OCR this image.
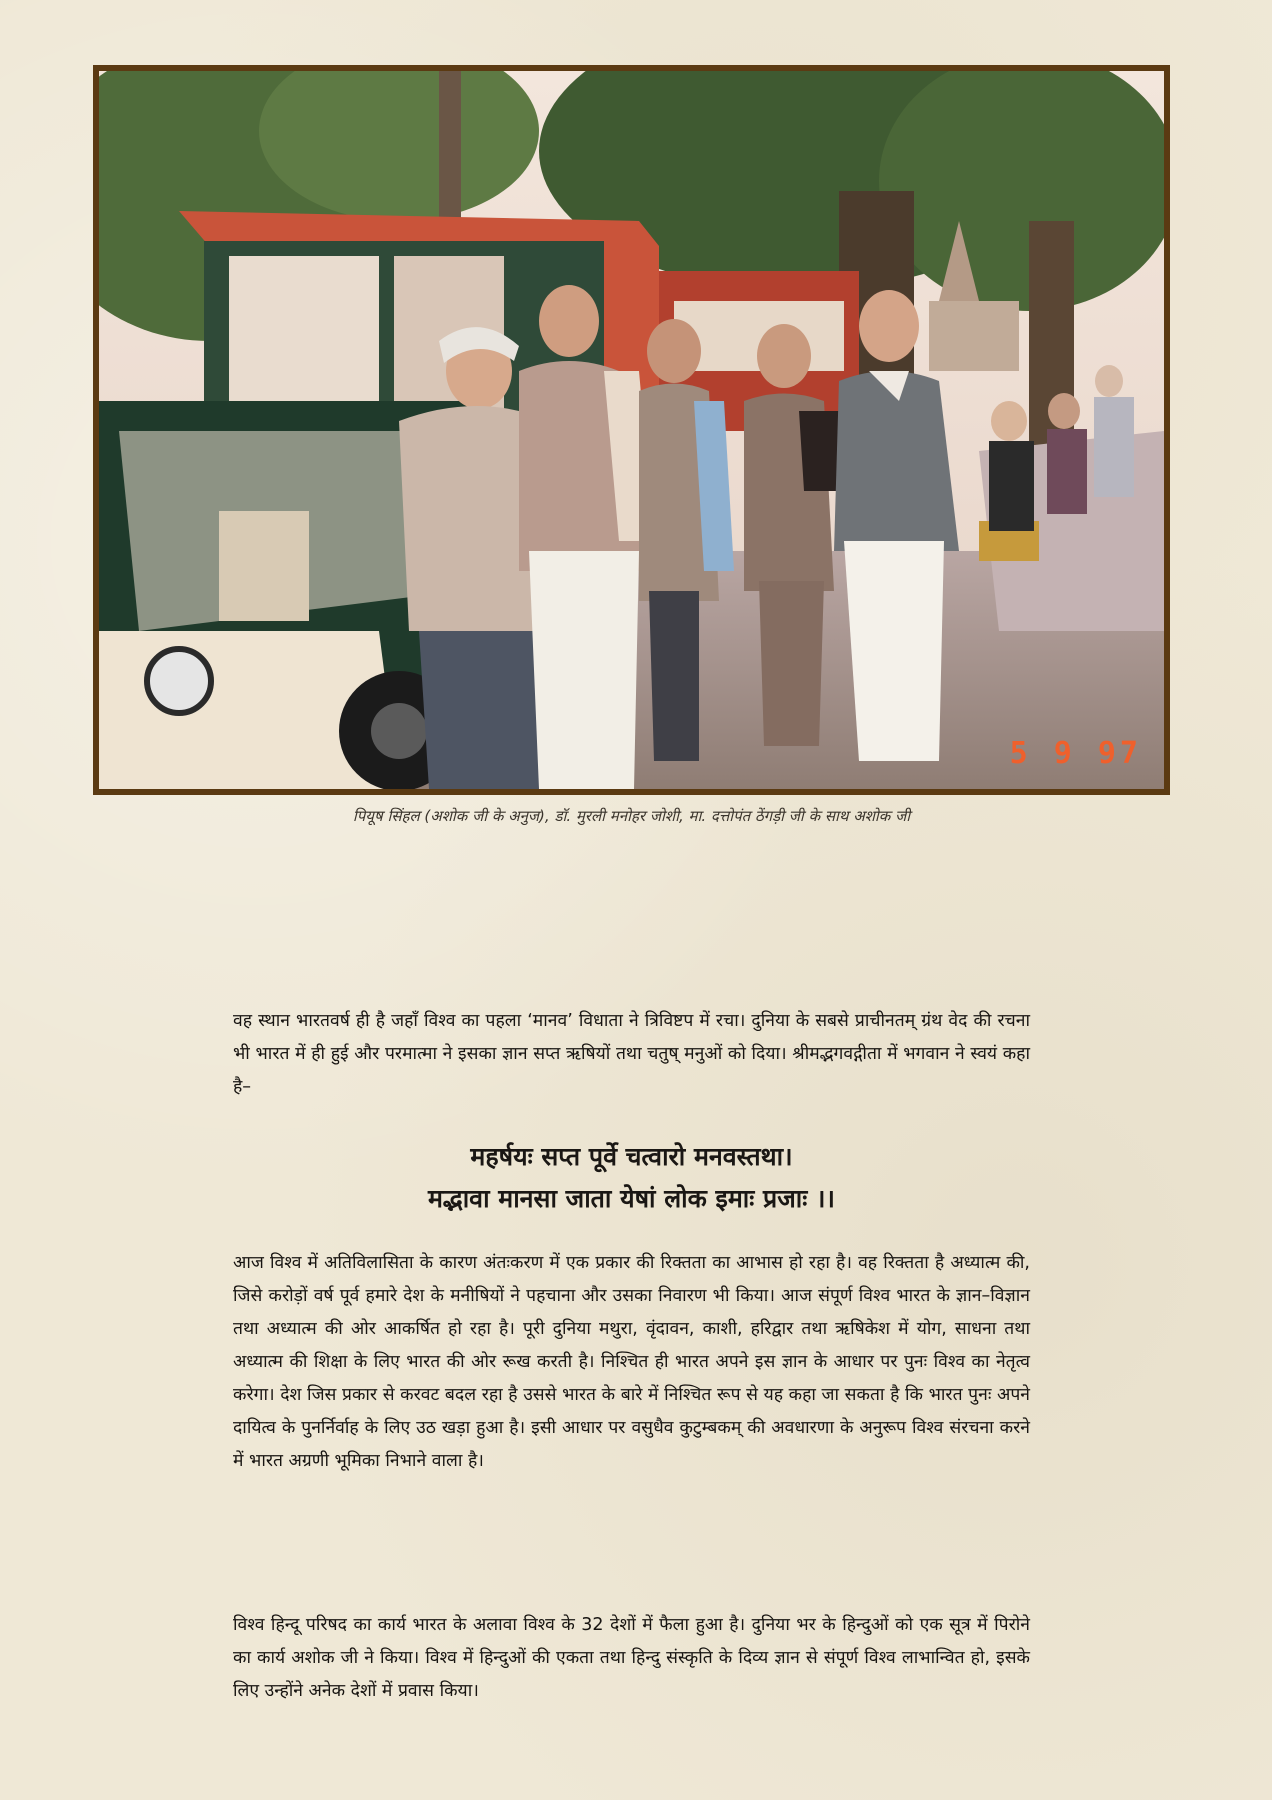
5 9 97
पियूष सिंहल (अशोक जी के अनुज), डॉ. मुरली मनोहर जोशी, मा. दत्तोपंत ठेंगड़ी जी के साथ अशोक जी
वह स्थान भारतवर्ष ही है जहाँ विश्व का पहला ‘मानव’ विधाता ने त्रिविष्टप में रचा। दुनिया के सबसे प्राचीनतम् ग्रंथ वेद की रचना भी भारत में ही हुई और परमात्मा ने इसका ज्ञान सप्त ऋषियों तथा चतुष् मनुओं को दिया। श्रीमद्भगवद्गीता में भगवान ने स्वयं कहा है–
महर्षयः सप्त पूर्वे चत्वारो मनवस्तथा।
मद्भावा मानसा जाता येषां लोक इमाः प्रजाः ।।
आज विश्व में अतिविलासिता के कारण अंतःकरण में एक प्रकार की रिक्तता का आभास हो रहा है। वह रिक्तता है अध्यात्म की, जिसे करोड़ों वर्ष पूर्व हमारे देश के मनीषियों ने पहचाना और उसका निवारण भी किया। आज संपूर्ण विश्व भारत के ज्ञान–विज्ञान तथा अध्यात्म की ओर आकर्षित हो रहा है। पूरी दुनिया मथुरा, वृंदावन, काशी, हरिद्वार तथा ऋषिकेश में योग, साधना तथा अध्यात्म की शिक्षा के लिए भारत की ओर रूख करती है। निश्चित ही भारत अपने इस ज्ञान के आधार पर पुनः विश्व का नेतृत्व करेगा। देश जिस प्रकार से करवट बदल रहा है उससे भारत के बारे में निश्चित रूप से यह कहा जा सकता है कि भारत पुनः अपने दायित्व के पुनर्निर्वाह के लिए उठ खड़ा हुआ है। इसी आधार पर वसुधैव कुटुम्बकम् की अवधारणा के अनुरूप विश्व संरचना करने में भारत अग्रणी भूमिका निभाने वाला है।
विश्व हिन्दू परिषद का कार्य भारत के अलावा विश्व के 32 देशों में फैला हुआ है। दुनिया भर के हिन्दुओं को एक सूत्र में पिरोने का कार्य अशोक जी ने किया। विश्व में हिन्दुओं की एकता तथा हिन्दु संस्कृति के दिव्य ज्ञान से संपूर्ण विश्व लाभान्वित हो, इसके लिए उन्होंने अनेक देशों में प्रवास किया।
